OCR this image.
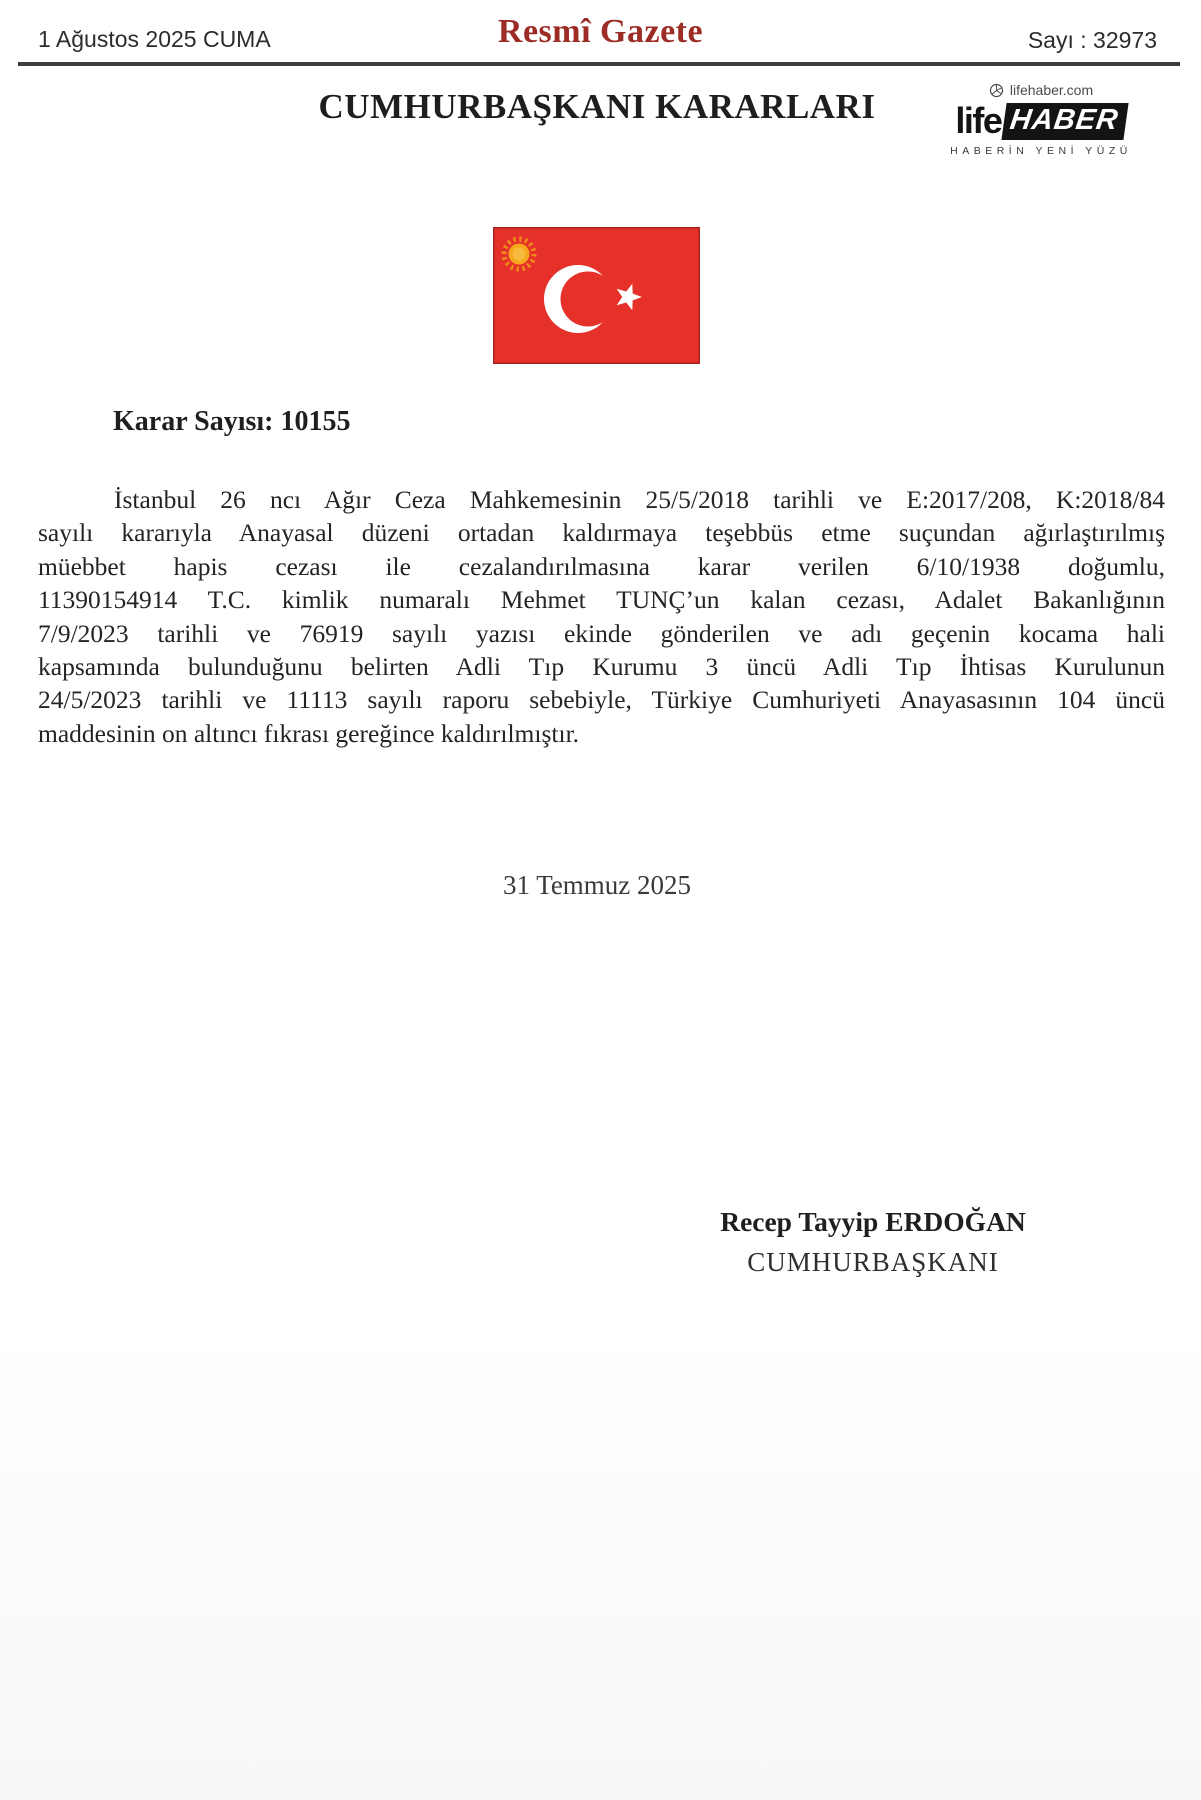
1 Ağustos 2025 CUMA	Resmî Gazete	Sayı : 32973
CUMHURBAŞKANI KARARLARI	lifehaber.com
life HABER
HABERİN YENİ YÜZÜ
Karar Sayısı: 10155
İstanbul 26 ncı Ağır Ceza Mahkemesinin 25/5/2018 tarihli ve E:2017/208, K:2018/84
sayılı kararıyla Anayasal düzeni ortadan kaldırmaya teşebbüs etme suçundan ağırlaştırılmış
müebbet hapis cezası ile cezalandırılmasına karar verilen 6/10/1938 doğumlu,
11390154914 T.C. kimlik numaralı Mehmet TUNÇ’un kalan cezası, Adalet Bakanlığının
7/9/2023 tarihli ve 76919 sayılı yazısı ekinde gönderilen ve adı geçenin kocama hali
kapsamında bulunduğunu belirten Adli Tıp Kurumu 3 üncü Adli Tıp İhtisas Kurulunun
24/5/2023 tarihli ve 11113 sayılı raporu sebebiyle, Türkiye Cumhuriyeti Anayasasının 104 üncü
maddesinin on altıncı fıkrası gereğince kaldırılmıştır.
31 Temmuz 2025
Recep Tayyip ERDOĞAN
CUMHURBAŞKANI
